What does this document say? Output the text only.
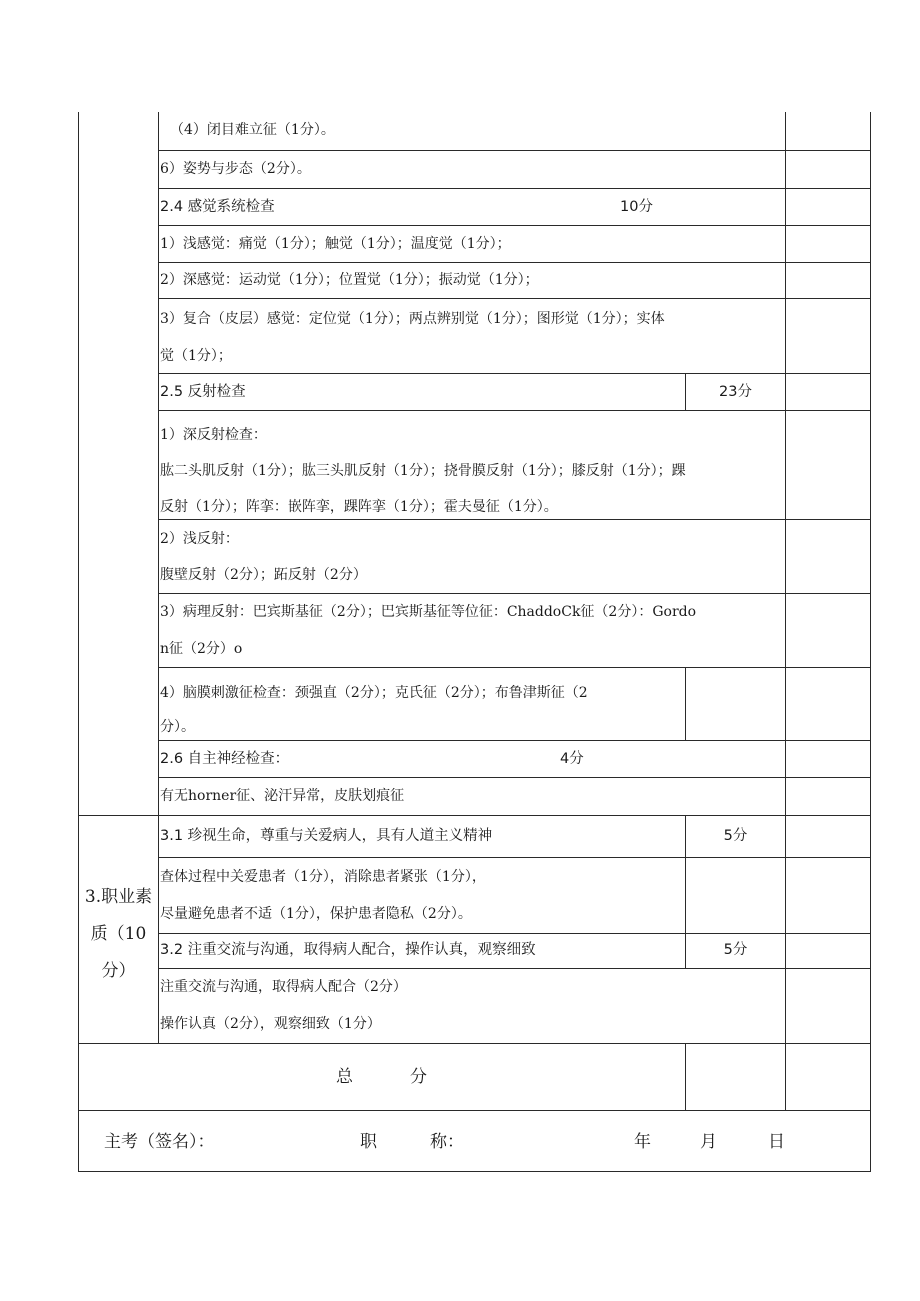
（4）闭目难立征（1分）。
6）姿势与步态（2分）。
2.4 感觉系统检查	10分
1）浅感觉：痛觉（1分）；触觉（1分）；温度觉（1分）；
2）深感觉：运动觉（1分）；位置觉（1分）；振动觉（1分）；
3）复合（皮层）感觉：定位觉（1分）；两点辨别觉（1分）；图形觉（1分）；实体
觉（1分）；
2.5 反射检查	23分
1）深反射检查：
肱二头肌反射（1分）；肱三头肌反射（1分）；挠骨膜反射（1分）；膝反射（1分）；踝
反射（1分）；阵挛：嵌阵挛，踝阵挛（1分）；霍夫曼征（1分）。
2）浅反射：
腹壁反射（2分）；跖反射（2分）
3）病理反射：巴宾斯基征（2分）；巴宾斯基征等位征：ChaddoCk征（2分）：Gordo
n征（2分）o
4）脑膜刺激征检查：颈强直（2分）；克氏征（2分）；布鲁津斯征（2
分）。
2.6 自主神经检查：	4分
有无horner征、泌汗异常，皮肤划痕征
3.职业素
质（10
分）
3.1 珍视生命，尊重与关爱病人，具有人道主义精神	5分
查体过程中关爱患者（1分），消除患者紧张（1分），
尽量避免患者不适（1分），保护患者隐私（2分）。
3.2 注重交流与沟通，取得病人配合，操作认真，观察细致	5分
注重交流与沟通，取得病人配合（2分）
操作认真（2分），观察细致（1分）
总	分
主考（签名）：	职	称：	年	月	日
